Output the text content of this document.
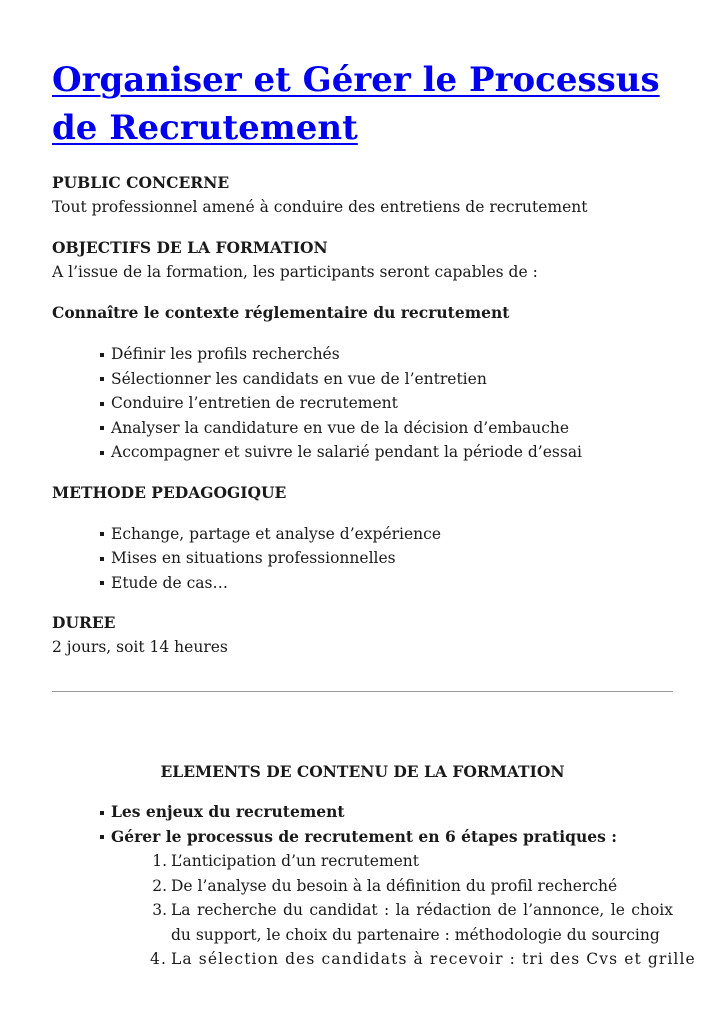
Organiser et Gérer le Processus de Recrutement
PUBLIC CONCERNE
Tout professionnel amené à conduire des entretiens de recrutement
OBJECTIFS DE LA FORMATION
A l’issue de la formation, les participants seront capables de :
Connaître le contexte réglementaire du recrutement
Définir les profils recherchés
Sélectionner les candidats en vue de l’entretien
Conduire l’entretien de recrutement
Analyser la candidature en vue de la décision d’embauche
Accompagner et suivre le salarié pendant la période d’essai
METHODE PEDAGOGIQUE
Echange, partage et analyse d’expérience
Mises en situations professionnelles
Etude de cas…
DUREE
2 jours, soit 14 heures
ELEMENTS DE CONTENU DE LA FORMATION
Les enjeux du recrutement
Gérer le processus de recrutement en 6 étapes pratiques :
1. L’anticipation d’un recrutement
2. De l’analyse du besoin à la définition du profil recherché
3. La recherche du candidat : la rédaction de l’annonce, le choix du support, le choix du partenaire : méthodologie du sourcing
4. La sélection des candidats à recevoir : tri des Cvs et grille
